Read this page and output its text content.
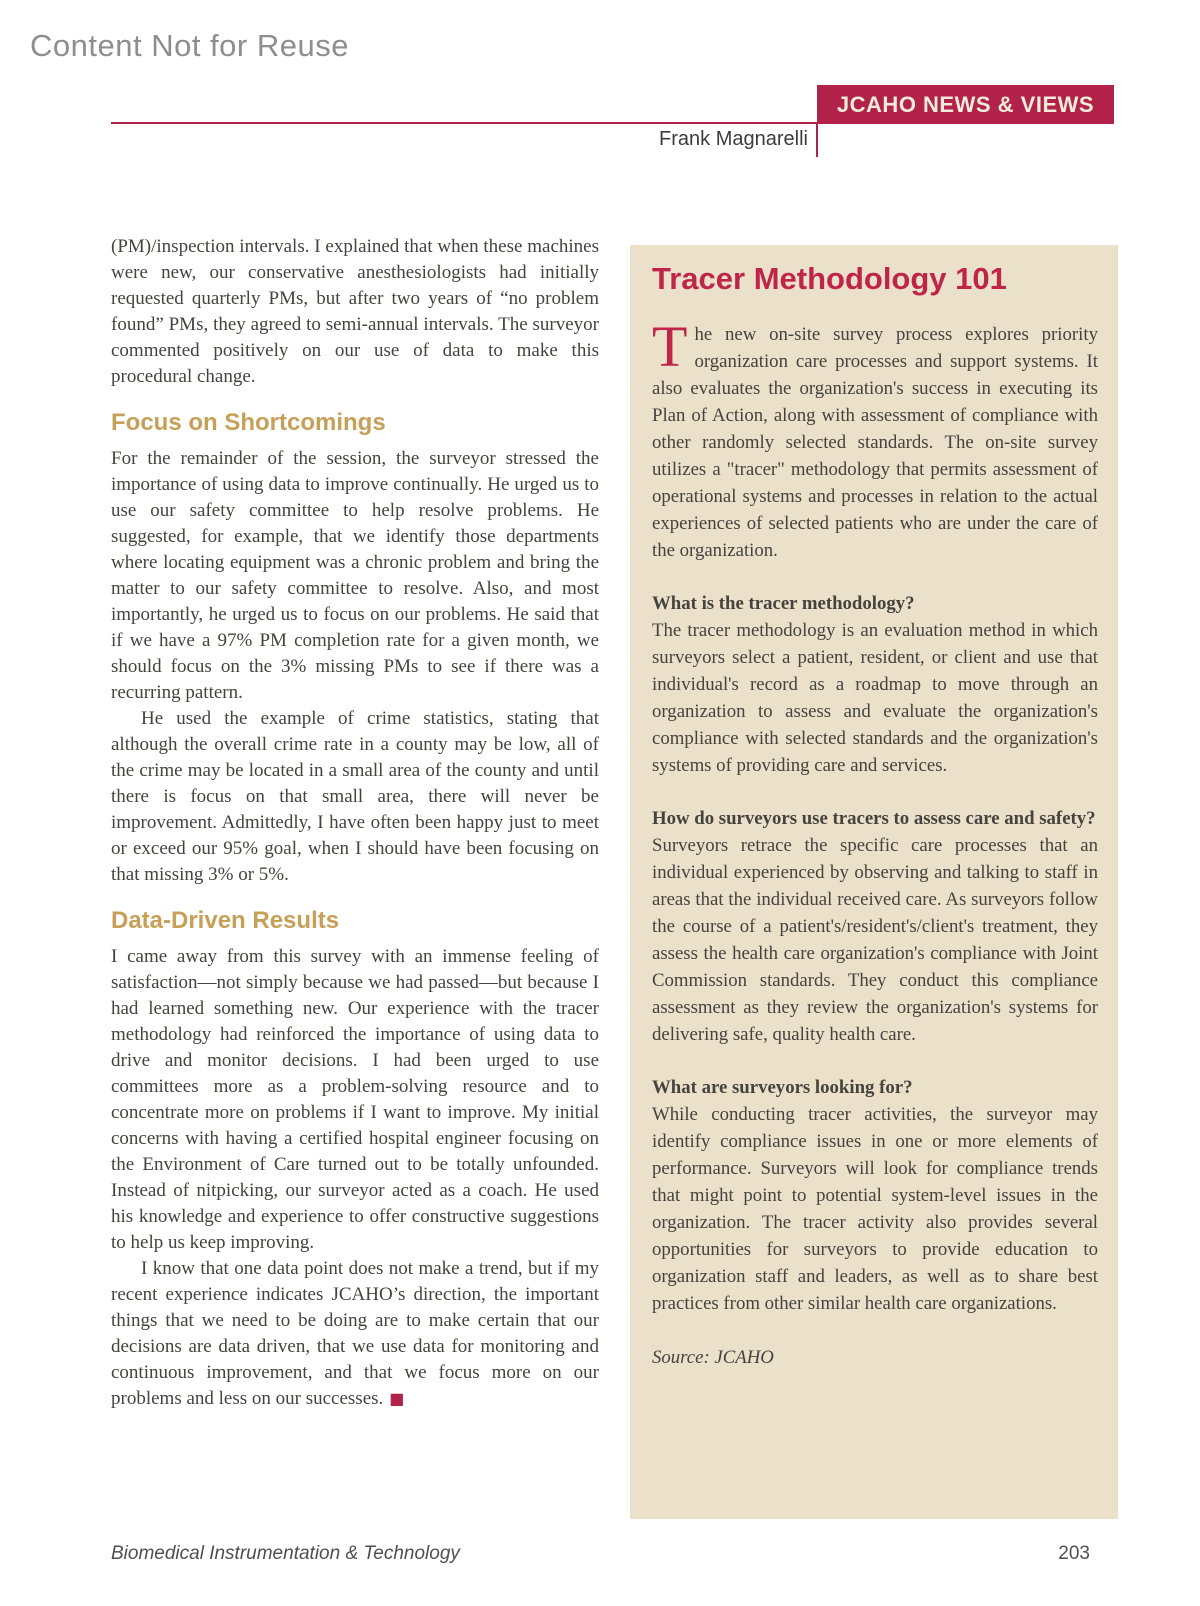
Content Not for Reuse
JCAHO NEWS & VIEWS
Frank Magnarelli

(PM)/inspection intervals. I explained that when these machines were new, our conservative anesthesiologists had initially requested quarterly PMs, but after two years of “no problem found” PMs, they agreed to semi-annual intervals. The surveyor commented positively on our use of data to make this procedural change.

Focus on Shortcomings

For the remainder of the session, the surveyor stressed the importance of using data to improve continually. He urged us to use our safety committee to help resolve problems. He suggested, for example, that we identify those departments where locating equipment was a chronic problem and bring the matter to our safety committee to resolve. Also, and most importantly, he urged us to focus on our problems. He said that if we have a 97% PM completion rate for a given month, we should focus on the 3% missing PMs to see if there was a recurring pattern.

He used the example of crime statistics, stating that although the overall crime rate in a county may be low, all of the crime may be located in a small area of the county and until there is focus on that small area, there will never be improvement. Admittedly, I have often been happy just to meet or exceed our 95% goal, when I should have been focusing on that missing 3% or 5%.

Data-Driven Results

I came away from this survey with an immense feeling of satisfaction—not simply because we had passed—but because I had learned something new. Our experience with the tracer methodology had reinforced the importance of using data to drive and monitor decisions. I had been urged to use committees more as a problem-solving resource and to concentrate more on problems if I want to improve. My initial concerns with having a certified hospital engineer focusing on the Environment of Care turned out to be totally unfounded. Instead of nitpicking, our surveyor acted as a coach. He used his knowledge and experience to offer constructive suggestions to help us keep improving.

I know that one data point does not make a trend, but if my recent experience indicates JCAHO’s direction, the important things that we need to be doing are to make certain that our decisions are data driven, that we use data for monitoring and continuous improvement, and that we focus more on our problems and less on our successes. ■

Tracer Methodology 101

The new on-site survey process explores priority organization care processes and support systems. It also evaluates the organization's success in executing its Plan of Action, along with assessment of compliance with other randomly selected standards. The on-site survey utilizes a "tracer" methodology that permits assessment of operational systems and processes in relation to the actual experiences of selected patients who are under the care of the organization.

What is the tracer methodology?

The tracer methodology is an evaluation method in which surveyors select a patient, resident, or client and use that individual's record as a roadmap to move through an organization to assess and evaluate the organization's compliance with selected standards and the organization's systems of providing care and services.

How do surveyors use tracers to assess care and safety?

Surveyors retrace the specific care processes that an individual experienced by observing and talking to staff in areas that the individual received care. As surveyors follow the course of a patient's/resident's/client's treatment, they assess the health care organization's compliance with Joint Commission standards. They conduct this compliance assessment as they review the organization's systems for delivering safe, quality health care.

What are surveyors looking for?

While conducting tracer activities, the surveyor may identify compliance issues in one or more elements of performance. Surveyors will look for compliance trends that might point to potential system-level issues in the organization. The tracer activity also provides several opportunities for surveyors to provide education to organization staff and leaders, as well as to share best practices from other similar health care organizations.

Source: JCAHO

Biomedical Instrumentation & Technology	203
